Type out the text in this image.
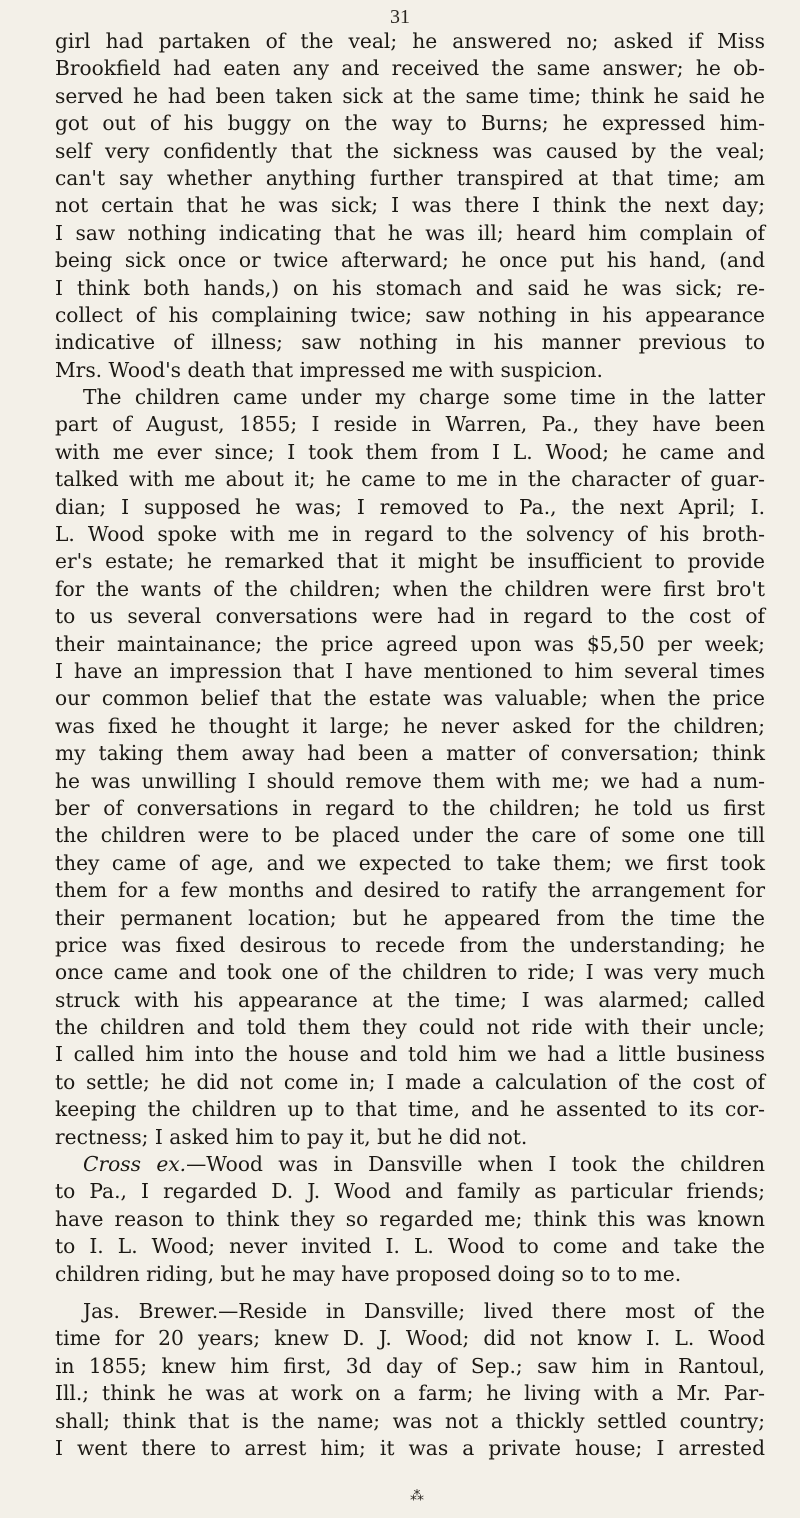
31
girl had partaken of the veal; he answered no; asked if Miss
Brookfield had eaten any and received the same answer; he ob-
served he had been taken sick at the same time; think he said he
got out of his buggy on the way to Burns; he expressed him-
self very confidently that the sickness was caused by the veal;
can't say whether anything further transpired at that time; am
not certain that he was sick; I was there I think the next day;
I saw nothing indicating that he was ill; heard him complain of
being sick once or twice afterward; he once put his hand, (and
I think both hands,) on his stomach and said he was sick; re-
collect of his complaining twice; saw nothing in his appearance
indicative of illness; saw nothing in his manner previous to
Mrs. Wood's death that impressed me with suspicion.
The children came under my charge some time in the latter
part of August, 1855; I reside in Warren, Pa., they have been
with me ever since; I took them from I L. Wood; he came and
talked with me about it; he came to me in the character of guar-
dian; I supposed he was; I removed to Pa., the next April; I.
L. Wood spoke with me in regard to the solvency of his broth-
er's estate; he remarked that it might be insufficient to provide
for the wants of the children; when the children were first bro't
to us several conversations were had in regard to the cost of
their maintainance; the price agreed upon was $5,50 per week;
I have an impression that I have mentioned to him several times
our common belief that the estate was valuable; when the price
was fixed he thought it large; he never asked for the children;
my taking them away had been a matter of conversation; think
he was unwilling I should remove them with me; we had a num-
ber of conversations in regard to the children; he told us first
the children were to be placed under the care of some one till
they came of age, and we expected to take them; we first took
them for a few months and desired to ratify the arrangement for
their permanent location; but he appeared from the time the
price was fixed desirous to recede from the understanding; he
once came and took one of the children to ride; I was very much
struck with his appearance at the time; I was alarmed; called
the children and told them they could not ride with their uncle;
I called him into the house and told him we had a little business
to settle; he did not come in; I made a calculation of the cost of
keeping the children up to that time, and he assented to its cor-
rectness; I asked him to pay it, but he did not.
Cross ex.—Wood was in Dansville when I took the children
to Pa., I regarded D. J. Wood and family as particular friends;
have reason to think they so regarded me; think this was known
to I. L. Wood; never invited I. L. Wood to come and take the
children riding, but he may have proposed doing so to to me.
Jas. Brewer.—Reside in Dansville; lived there most of the
time for 20 years; knew D. J. Wood; did not know I. L. Wood
in 1855; knew him first, 3d day of Sep.; saw him in Rantoul,
Ill.; think he was at work on a farm; he living with a Mr. Par-
shall; think that is the name; was not a thickly settled country;
I went there to arrest him; it was a private house; I arrested
⁂
